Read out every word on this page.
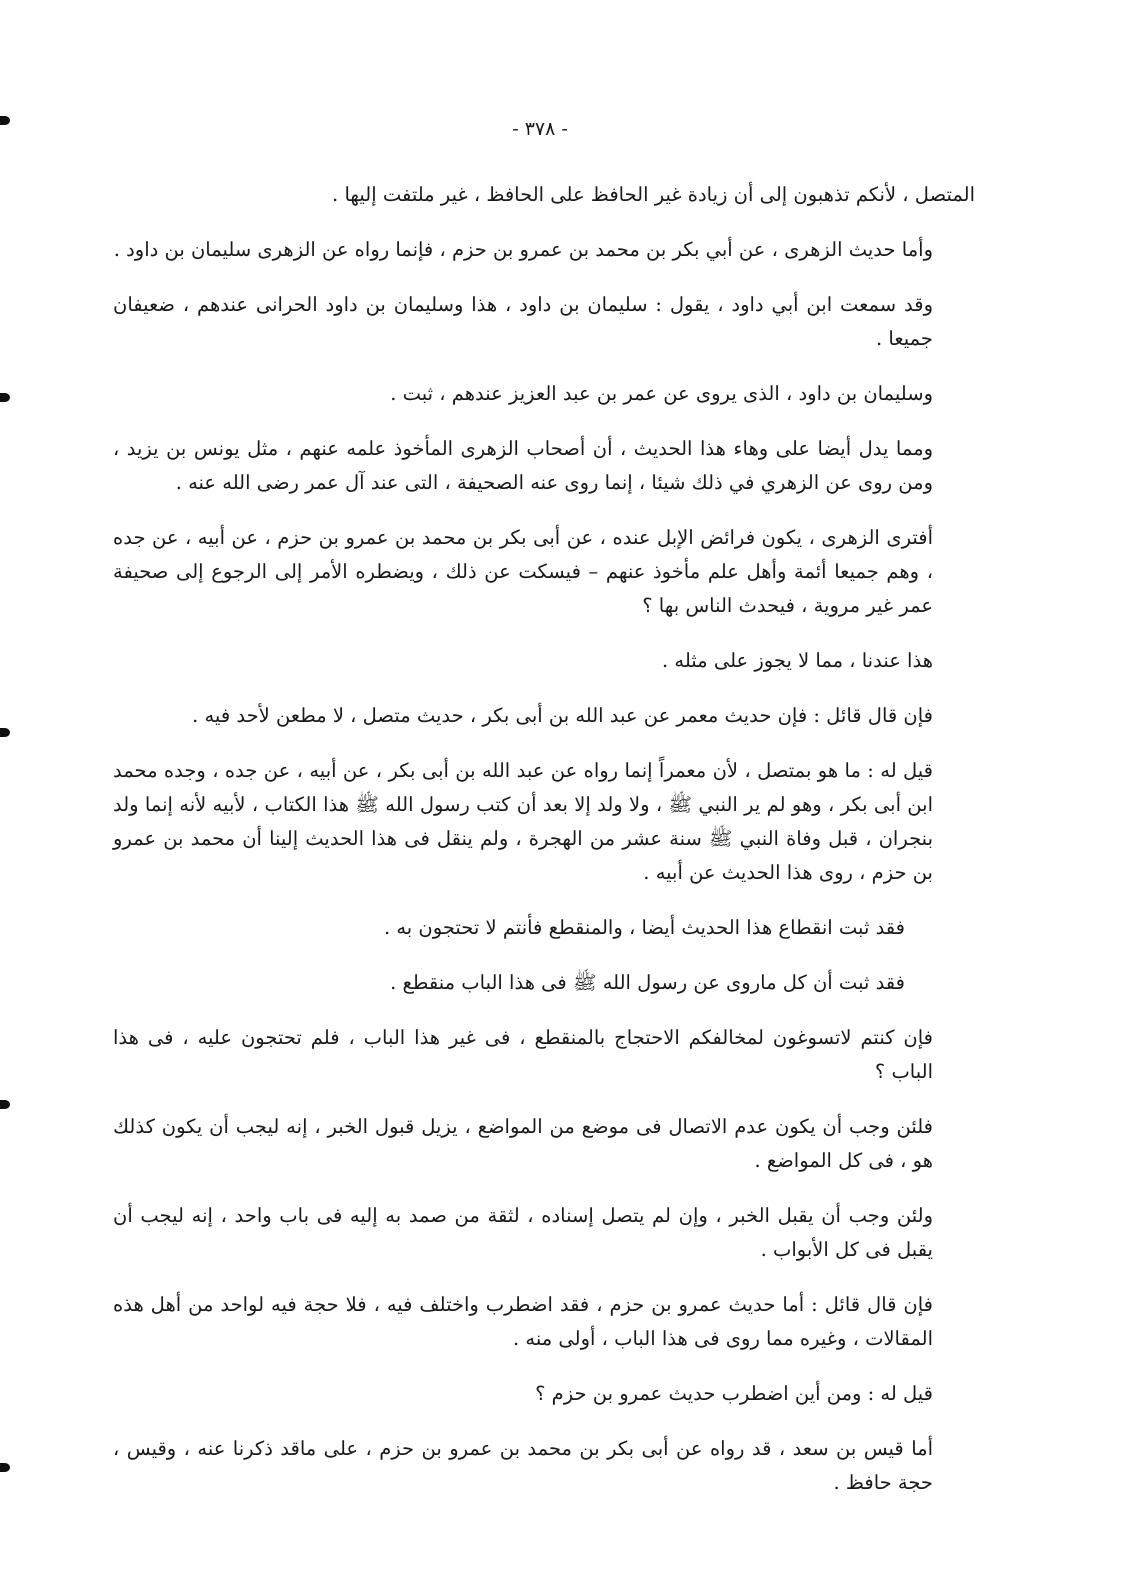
- ٣٧٨ -

المتصل ، لأنكم تذهبون إلى أن زيادة غير الحافظ على الحافظ ، غير ملتفت إليها .

وأما حديث الزهرى ، عن أبي بكر بن محمد بن عمرو بن حزم ، فإنما رواه عن الزهرى سليمان بن داود .

وقد سمعت ابن أبي داود ، يقول : سليمان بن داود ، هذا وسليمان بن داود الحرانى عندهم ، ضعيفان جميعا .

وسليمان بن داود ، الذى يروى عن عمر بن عبد العزيز عندهم ، ثبت .

ومما يدل أيضا على وهاء هذا الحديث ، أن أصحاب الزهرى المأخوذ علمه عنهم ، مثل يونس بن يزيد ، ومن روى عن الزهري في ذلك شيئا ، إنما روى عنه الصحيفة ، التى عند آل عمر رضى الله عنه .

أفترى الزهرى ، يكون فرائض الإبل عنده ، عن أبى بكر بن محمد بن عمرو بن حزم ، عن أبيه ، عن جده ، وهم جميعا أئمة وأهل علم مأخوذ عنهم – فيسكت عن ذلك ، ويضطره الأمر إلى الرجوع إلى صحيفة عمر غير مروية ، فيحدث الناس بها ؟

هذا عندنا ، مما لا يجوز على مثله .

فإن قال قائل : فإن حديث معمر عن عبد الله بن أبى بكر ، حديث متصل ، لا مطعن لأحد فيه .

قيل له : ما هو بمتصل ، لأن معمراً إنما رواه عن عبد الله بن أبى بكر ، عن أبيه ، عن جده ، وجده محمد ابن أبى بكر ، وهو لم ير النبي ﷺ ، ولا ولد إلا بعد أن كتب رسول الله ﷺ هذا الكتاب ، لأبيه لأنه إنما ولد بنجران ، قبل وفاة النبي ﷺ سنة عشر من الهجرة ، ولم ينقل فى هذا الحديث إلينا أن محمد بن عمرو بن حزم ، روى هذا الحديث عن أبيه .

فقد ثبت انقطاع هذا الحديث أيضا ، والمنقطع فأنتم لا تحتجون به .

فقد ثبت أن كل ماروى عن رسول الله ﷺ فى هذا الباب منقطع .

فإن كنتم لاتسوغون لمخالفكم الاحتجاج بالمنقطع ، فى غير هذا الباب ، فلم تحتجون عليه ، فى هذا الباب ؟

فلئن وجب أن يكون عدم الاتصال فى موضع من المواضع ، يزيل قبول الخبر ، إنه ليجب أن يكون كذلك هو ، فى كل المواضع .

ولئن وجب أن يقبل الخبر ، وإن لم يتصل إسناده ، لثقة من صمد به إليه فى باب واحد ، إنه ليجب أن يقبل فى كل الأبواب .

فإن قال قائل : أما حديث عمرو بن حزم ، فقد اضطرب واختلف فيه ، فلا حجة فيه لواحد من أهل هذه المقالات ، وغيره مما روى فى هذا الباب ، أولى منه .

قيل له : ومن أين اضطرب حديث عمرو بن حزم ؟

أما قيس بن سعد ، قد رواه عن أبى بكر بن محمد بن عمرو بن حزم ، على ماقد ذكرنا عنه ، وقيس ، حجة حافظ .
